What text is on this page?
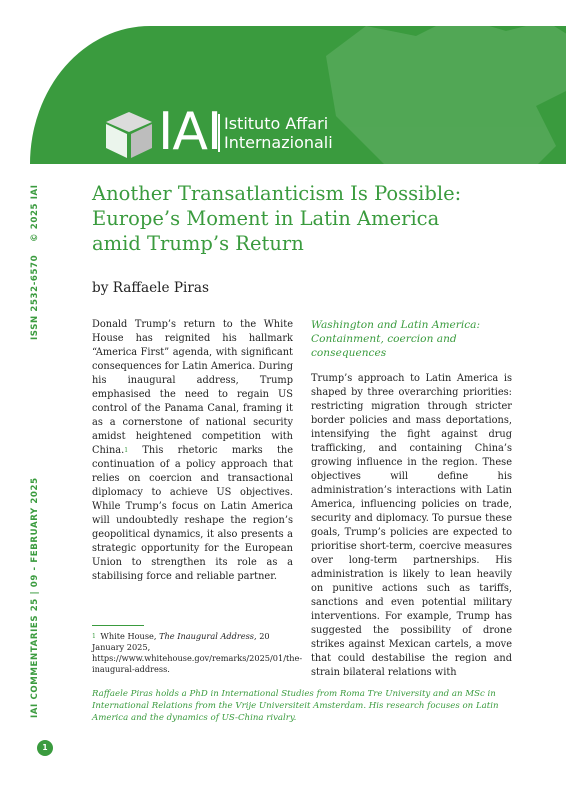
IAI Istituto Affari
Internazionali
© 2025 IAI
ISSN 2532-6570
IAI COMMENTARIES 25 | 09 - FEBRUARY 2025
Another Transatlanticism Is Possible:
Europe’s Moment in Latin America
amid Trump’s Return
by Raffaele Piras

Donald Trump’s return to the White House has reignited his hallmark “America First” agenda, with significant consequences for Latin America. During his inaugural address, Trump emphasised the need to regain US control of the Panama Canal, framing it as a cornerstone of national security amidst heightened competition with China.$^1$ This rhetoric marks the continuation of a policy approach that relies on coercion and transactional diplomacy to achieve US objectives. While Trump’s focus on Latin America will undoubtedly reshape the region’s geopolitical dynamics, it also presents a strategic opportunity for the European Union to strengthen its role as a stabilising force and reliable partner.

Washington and Latin America:
Containment, coercion and
consequences

Trump’s approach to Latin America is shaped by three overarching priorities: restricting migration through stricter border policies and mass deportations, intensifying the fight against drug trafficking, and containing China’s growing influence in the region. These objectives will define his administration’s interactions with Latin America, influencing policies on trade, security and diplomacy. To pursue these goals, Trump’s policies are expected to prioritise short-term, coercive measures over long-term partnerships. His administration is likely to lean heavily on punitive actions such as tariffs, sanctions and even potential military interventions. For example, Trump has suggested the possibility of drone strikes against Mexican cartels, a move that could destabilise the region and strain bilateral relations with

$^1$ White House, The Inaugural Address, 20 January 2025, https://www.whitehouse.gov/remarks/2025/01/the-inaugural-address.
Raffaele Piras holds a PhD in International Studies from Roma Tre University and an MSc in International Relations from the Vrije Universiteit Amsterdam. His research focuses on Latin America and the dynamics of US-China rivalry.
1
